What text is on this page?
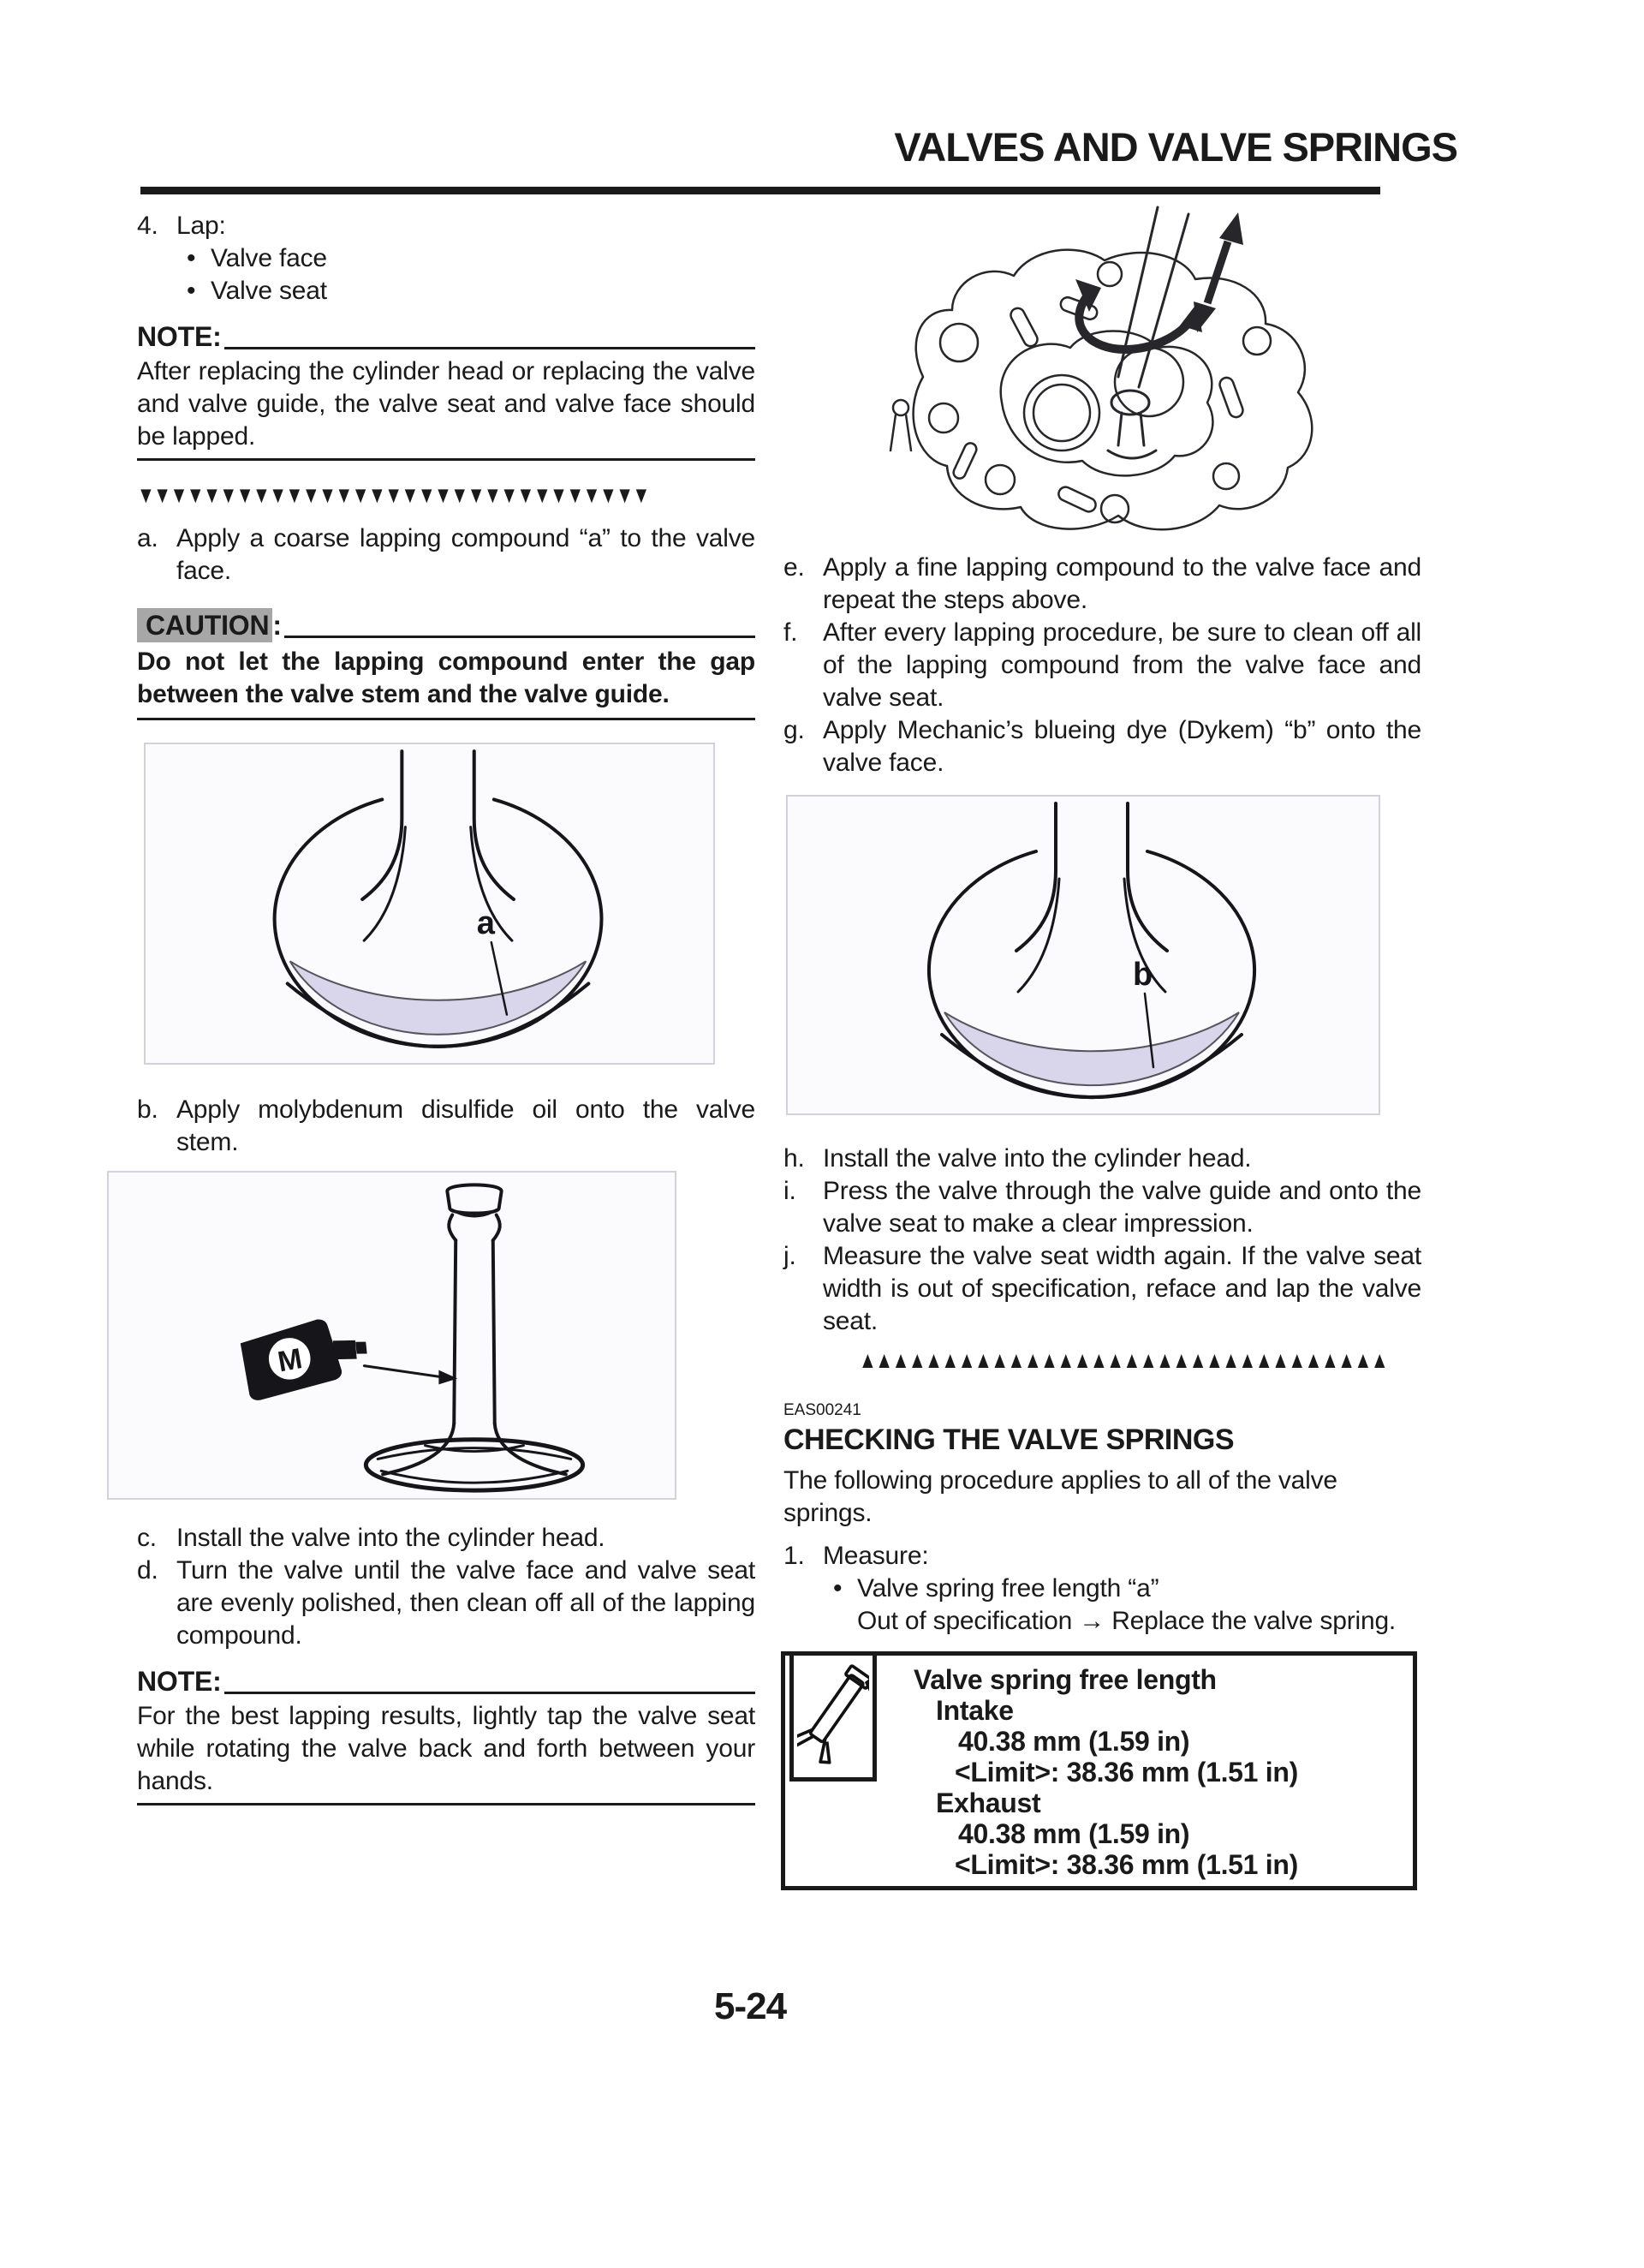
VALVES AND VALVE SPRINGS
4. Lap:
• Valve face
• Valve seat
NOTE:
After replacing the cylinder head or replacing the valve and valve guide, the valve seat and valve face should be lapped.
▼▼▼▼▼▼▼▼▼▼▼▼▼▼▼▼▼▼▼▼▼▼▼▼▼▼▼▼▼▼▼
a. Apply a coarse lapping compound “a” to the valve face.
CAUTION :
Do not let the lapping compound enter the gap between the valve stem and the valve guide.
a
b. Apply molybdenum disulfide oil onto the valve stem.
M
c. Install the valve into the cylinder head.
d. Turn the valve until the valve face and valve seat are evenly polished, then clean off all of the lapping compound.
NOTE:
For the best lapping results, lightly tap the valve seat while rotating the valve back and forth between your hands.
e. Apply a fine lapping compound to the valve face and repeat the steps above.
f. After every lapping procedure, be sure to clean off all of the lapping compound from the valve face and valve seat.
g. Apply Mechanic’s blueing dye (Dykem) “b” onto the valve face.
b
h. Install the valve into the cylinder head.
i.	Press the valve through the valve guide and onto the valve seat to make a clear impression.
j.	Measure the valve seat width again. If the valve seat width is out of specification, reface and lap the valve seat.
▲▲▲▲▲▲▲▲▲▲▲▲▲▲▲▲▲▲▲▲▲▲▲▲▲▲▲▲▲▲▲▲
EAS00241
CHECKING THE VALVE SPRINGS
The following procedure applies to all of the valve springs.
1. Measure:
• Valve spring free length “a”
Out of specification → Replace the valve spring.
Valve spring free length
Intake
40.38 mm (1.59 in)
<Limit>: 38.36 mm (1.51 in)
Exhaust
40.38 mm (1.59 in)
<Limit>: 38.36 mm (1.51 in)
5-24
